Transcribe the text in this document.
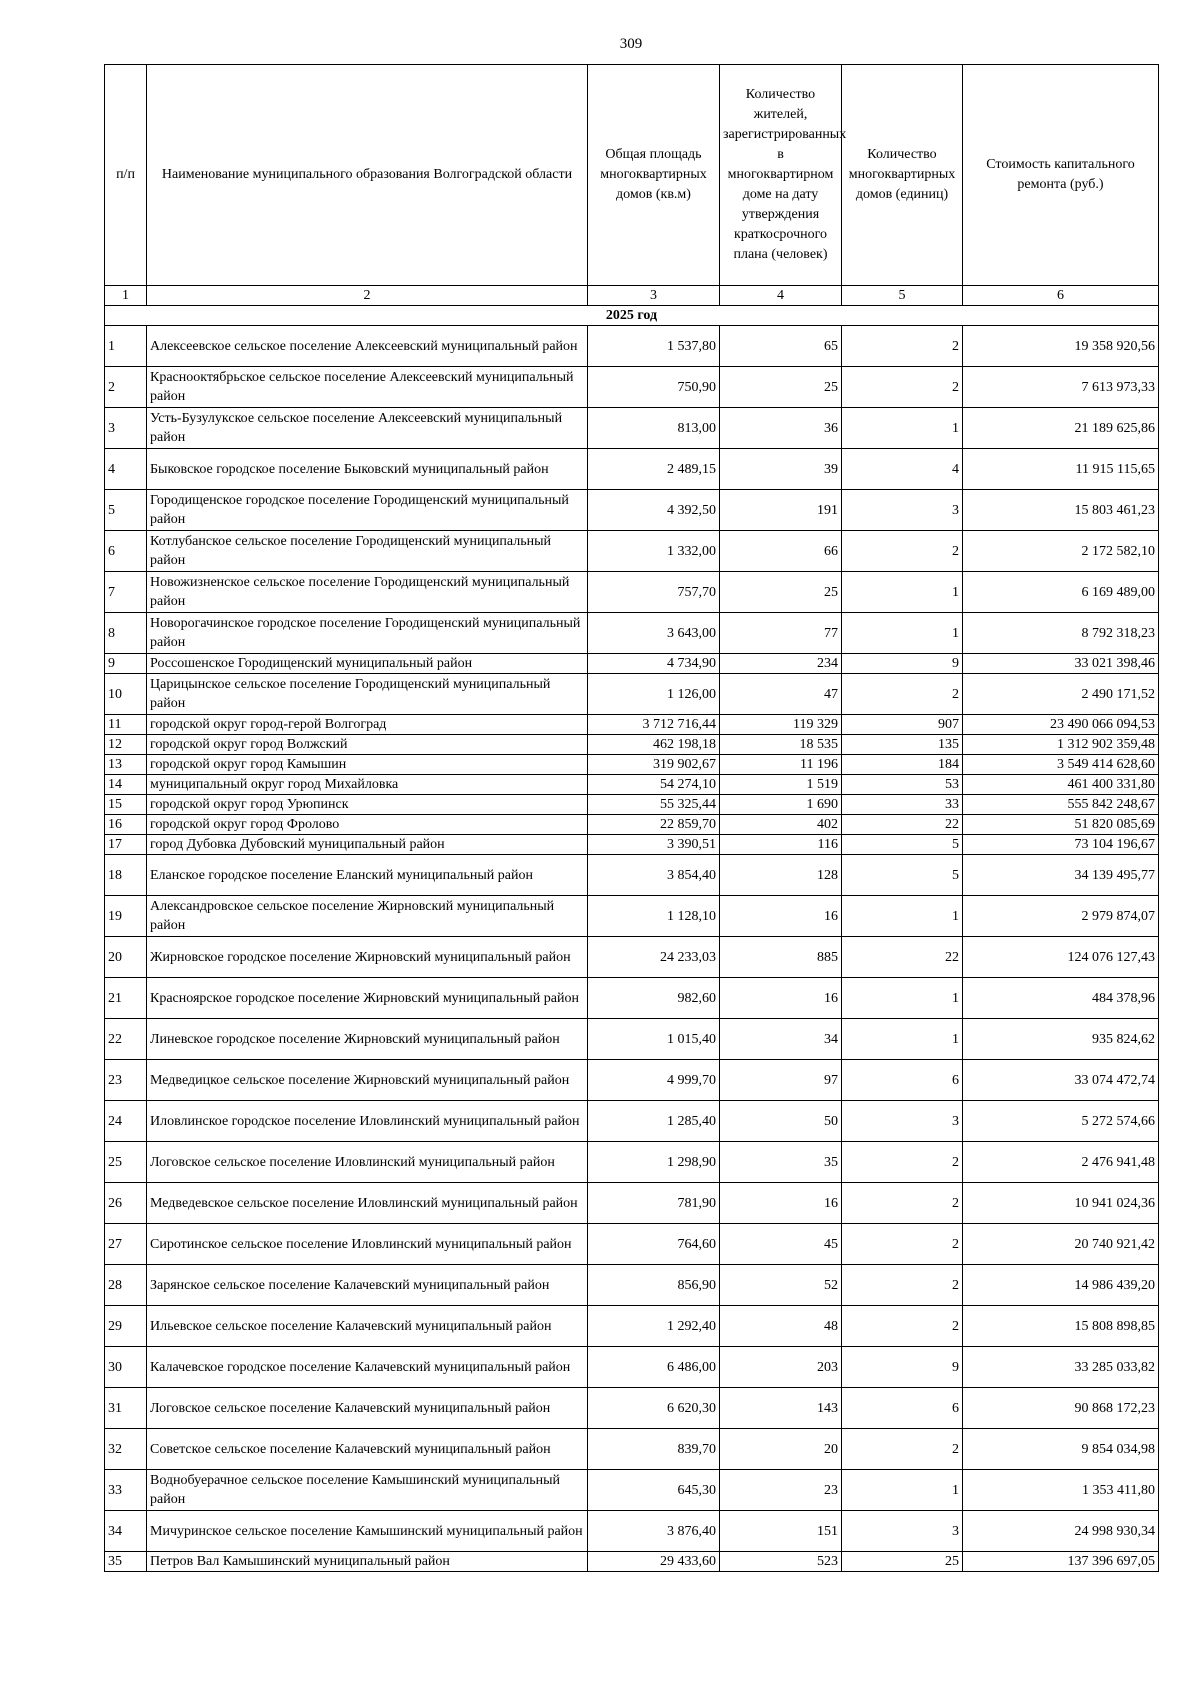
309
п/п	Наименование муниципального образования Волгоградской области	Общая площадь многоквартирных домов (кв.м)	Количество жителей, зарегистрированных в многоквартирном доме на дату утверждения краткосрочного плана (человек)	Количество многоквартирных домов (единиц)	Стоимость капитального ремонта (руб.)
1	2	3	4	5	6
2025 год					
1	Алексеевское сельское поселение Алексеевский муниципальный район	1 537,80	65	2	19 358 920,56
2	Краснооктябрьское сельское поселение Алексеевский муниципальный район	750,90	25	2	7 613 973,33
3	Усть-Бузулукское сельское поселение Алексеевский муниципальный район	813,00	36	1	21 189 625,86
4	Быковское городское поселение Быковский муниципальный район	2 489,15	39	4	11 915 115,65
5	Городищенское городское поселение Городищенский муниципальный район	4 392,50	191	3	15 803 461,23
6	Котлубанское сельское поселение Городищенский муниципальный район	1 332,00	66	2	2 172 582,10
7	Новожизненское сельское поселение Городищенский муниципальный район	757,70	25	1	6 169 489,00
8	Новорогачинское городское поселение Городищенский муниципальный район	3 643,00	77	1	8 792 318,23
9	Россошенское Городищенский муниципальный район	4 734,90	234	9	33 021 398,46
10	Царицынское сельское поселение Городищенский муниципальный район	1 126,00	47	2	2 490 171,52
11	городской округ город-герой Волгоград	3 712 716,44	119 329	907	23 490 066 094,53
12	городской округ город Волжский	462 198,18	18 535	135	1 312 902 359,48
13	городской округ город Камышин	319 902,67	11 196	184	3 549 414 628,60
14	муниципальный округ город Михайловка	54 274,10	1 519	53	461 400 331,80
15	городской округ город Урюпинск	55 325,44	1 690	33	555 842 248,67
16	городской округ город Фролово	22 859,70	402	22	51 820 085,69
17	город Дубовка Дубовский муниципальный район	3 390,51	116	5	73 104 196,67
18	Еланское городское поселение Еланский муниципальный район	3 854,40	128	5	34 139 495,77
19	Александровское сельское поселение Жирновский муниципальный район	1 128,10	16	1	2 979 874,07
20	Жирновское городское поселение Жирновский муниципальный район	24 233,03	885	22	124 076 127,43
21	Красноярское городское поселение Жирновский муниципальный район	982,60	16	1	484 378,96
22	Линевское городское поселение Жирновский муниципальный район	1 015,40	34	1	935 824,62
23	Медведицкое сельское поселение Жирновский муниципальный район	4 999,70	97	6	33 074 472,74
24	Иловлинское городское поселение Иловлинский муниципальный район	1 285,40	50	3	5 272 574,66
25	Логовское сельское поселение Иловлинский муниципальный район	1 298,90	35	2	2 476 941,48
26	Медведевское сельское поселение Иловлинский муниципальный район	781,90	16	2	10 941 024,36
27	Сиротинское сельское поселение Иловлинский муниципальный район	764,60	45	2	20 740 921,42
28	Зарянское сельское поселение Калачевский муниципальный район	856,90	52	2	14 986 439,20
29	Ильевское сельское поселение Калачевский муниципальный район	1 292,40	48	2	15 808 898,85
30	Калачевское городское поселение Калачевский муниципальный район	6 486,00	203	9	33 285 033,82
31	Логовское сельское поселение Калачевский муниципальный район	6 620,30	143	6	90 868 172,23
32	Советское сельское поселение Калачевский муниципальный район	839,70	20	2	9 854 034,98
33	Воднобуерачное сельское поселение Камышинский муниципальный район	645,30	23	1	1 353 411,80
34	Мичуринское сельское поселение Камышинский муниципальный район	3 876,40	151	3	24 998 930,34
35	Петров Вал Камышинский муниципальный район	29 433,60	523	25	137 396 697,05
